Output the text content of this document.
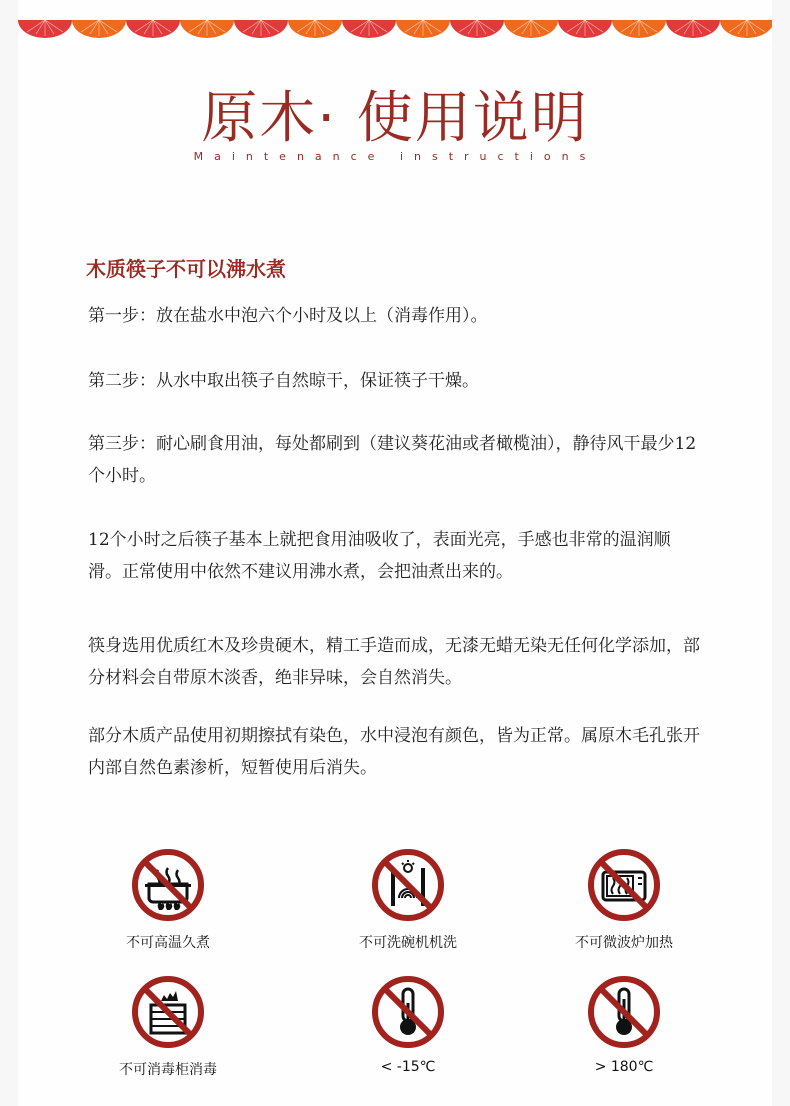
原木· 使用说明
Maintenance instructions
木质筷子不可以沸水煮
第一步：放在盐水中泡六个小时及以上（消毒作用）。
第二步：从水中取出筷子自然晾干，保证筷子干燥。
第三步：耐心刷食用油，每处都刷到（建议葵花油或者橄榄油），静待风干最少12个小时。
12个小时之后筷子基本上就把食用油吸收了，表面光亮，手感也非常的温润顺滑。正常使用中依然不建议用沸水煮，会把油煮出来的。
筷身选用优质红木及珍贵硬木，精工手造而成，无漆无蜡无染无任何化学添加，部分材料会自带原木淡香，绝非异味，会自然消失。
部分木质产品使用初期擦拭有染色，水中浸泡有颜色，皆为正常。属原木毛孔张开内部自然色素渗析，短暂使用后消失。
不可高温久煮	不可洗碗机机洗	不可微波炉加热
不可消毒柜消毒	< -15℃	> 180℃
